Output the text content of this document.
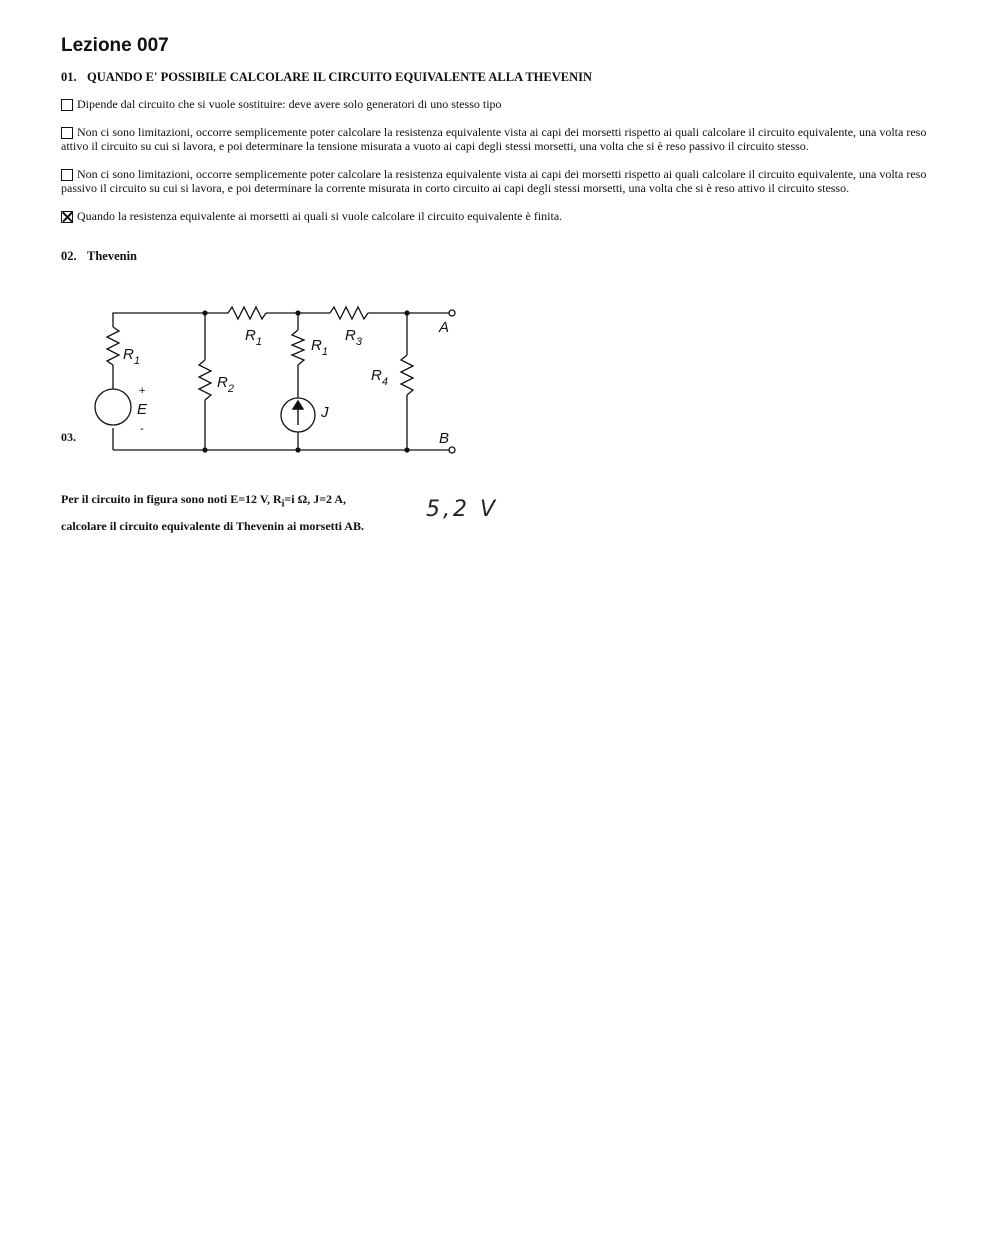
Lezione 007
01. QUANDO E' POSSIBILE CALCOLARE IL CIRCUITO EQUIVALENTE ALLA THEVENIN
Dipende dal circuito che si vuole sostituire: deve avere solo generatori di uno stesso tipo
Non ci sono limitazioni, occorre semplicemente poter calcolare la resistenza equivalente vista ai capi dei morsetti rispetto ai quali calcolare il circuito equivalente, una volta reso attivo il circuito su cui si lavora, e poi determinare la tensione misurata a vuoto ai capi degli stessi morsetti, una volta che si è reso passivo il circuito stesso.
Non ci sono limitazioni, occorre semplicemente poter calcolare la resistenza equivalente vista ai capi dei morsetti rispetto ai quali calcolare il circuito equivalente, una volta reso passivo il circuito su cui si lavora, e poi determinare la corrente misurata in corto circuito ai capi degli stessi morsetti, una volta che si è reso attivo il circuito stesso.
Quando la resistenza equivalente ai morsetti ai quali si vuole calcolare il circuito equivalente è finita.
02. Thevenin
03.
$R_1$
$R_2$
$R_1$	$R_1$
$R_3$
$R_4$
E
+
-
J
A
B
Per il circuito in figura sono noti E=12 V, $R_i=i$ Ω, J=2 A,
calcolare il circuito equivalente di Thevenin ai morsetti AB.
5,2 V
